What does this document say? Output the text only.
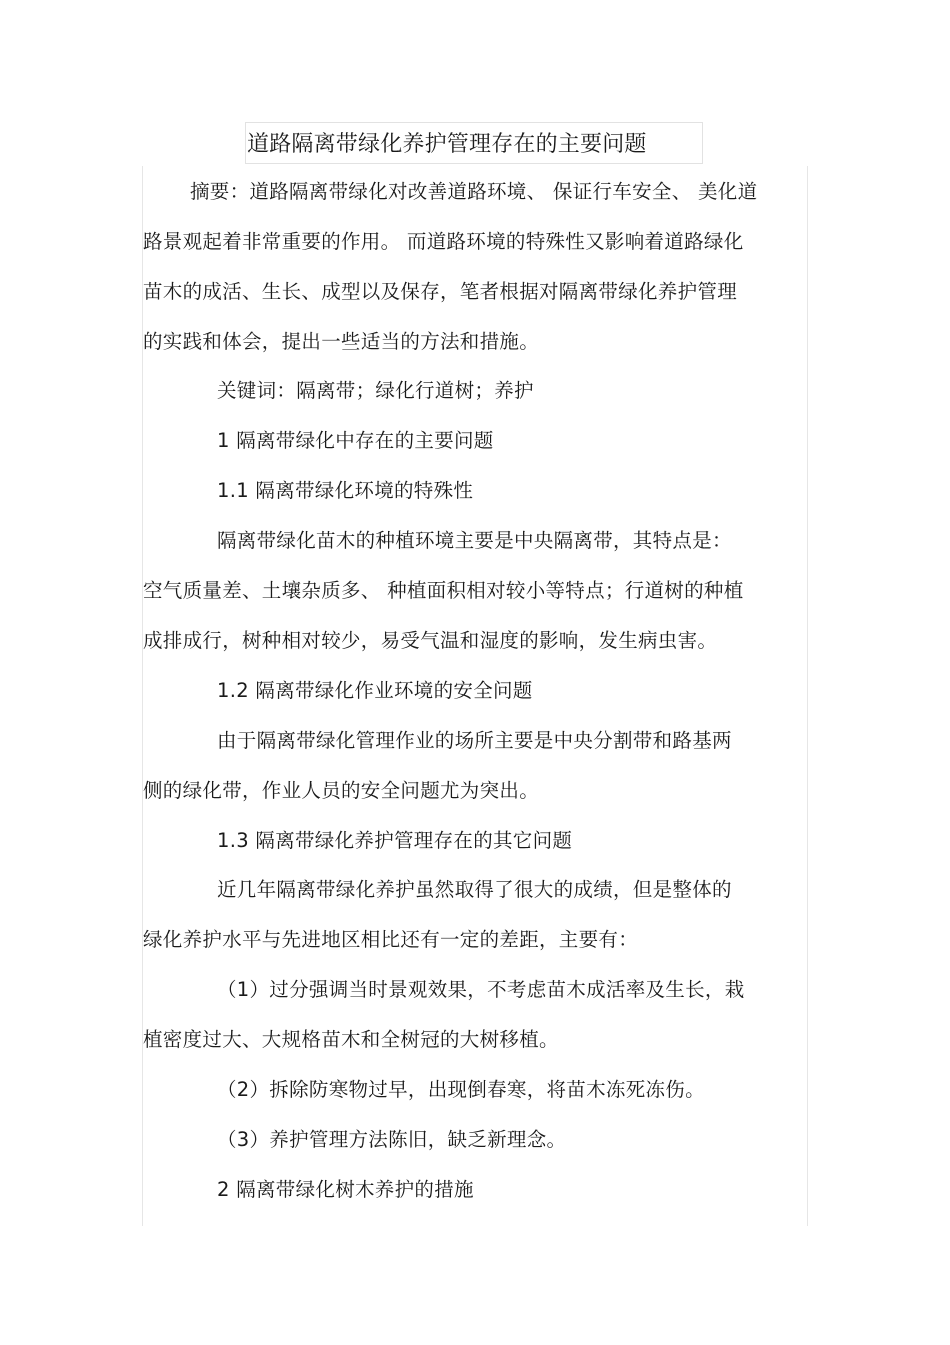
道路隔离带绿化养护管理存在的主要问题
摘要：道路隔离带绿化对改善道路环境、 保证行车安全、 美化道
路景观起着非常重要的作用。 而道路环境的特殊性又影响着道路绿化
苗木的成活、生长、成型以及保存，笔者根据对隔离带绿化养护管理
的实践和体会，提出一些适当的方法和措施。
关键词：隔离带；绿化行道树；养护
1 隔离带绿化中存在的主要问题
1.1 隔离带绿化环境的特殊性
隔离带绿化苗木的种植环境主要是中央隔离带，其特点是：
空气质量差、土壤杂质多、 种植面积相对较小等特点；行道树的种植
成排成行，树种相对较少，易受气温和湿度的影响，发生病虫害。
1.2 隔离带绿化作业环境的安全问题
由于隔离带绿化管理作业的场所主要是中央分割带和路基两
侧的绿化带，作业人员的安全问题尤为突出。
1.3 隔离带绿化养护管理存在的其它问题
近几年隔离带绿化养护虽然取得了很大的成绩，但是整体的
绿化养护水平与先进地区相比还有一定的差距，主要有：
（1）过分强调当时景观效果，不考虑苗木成活率及生长，栽
植密度过大、大规格苗木和全树冠的大树移植。
（2）拆除防寒物过早，出现倒春寒，将苗木冻死冻伤。
（3）养护管理方法陈旧，缺乏新理念。
2 隔离带绿化树木养护的措施
